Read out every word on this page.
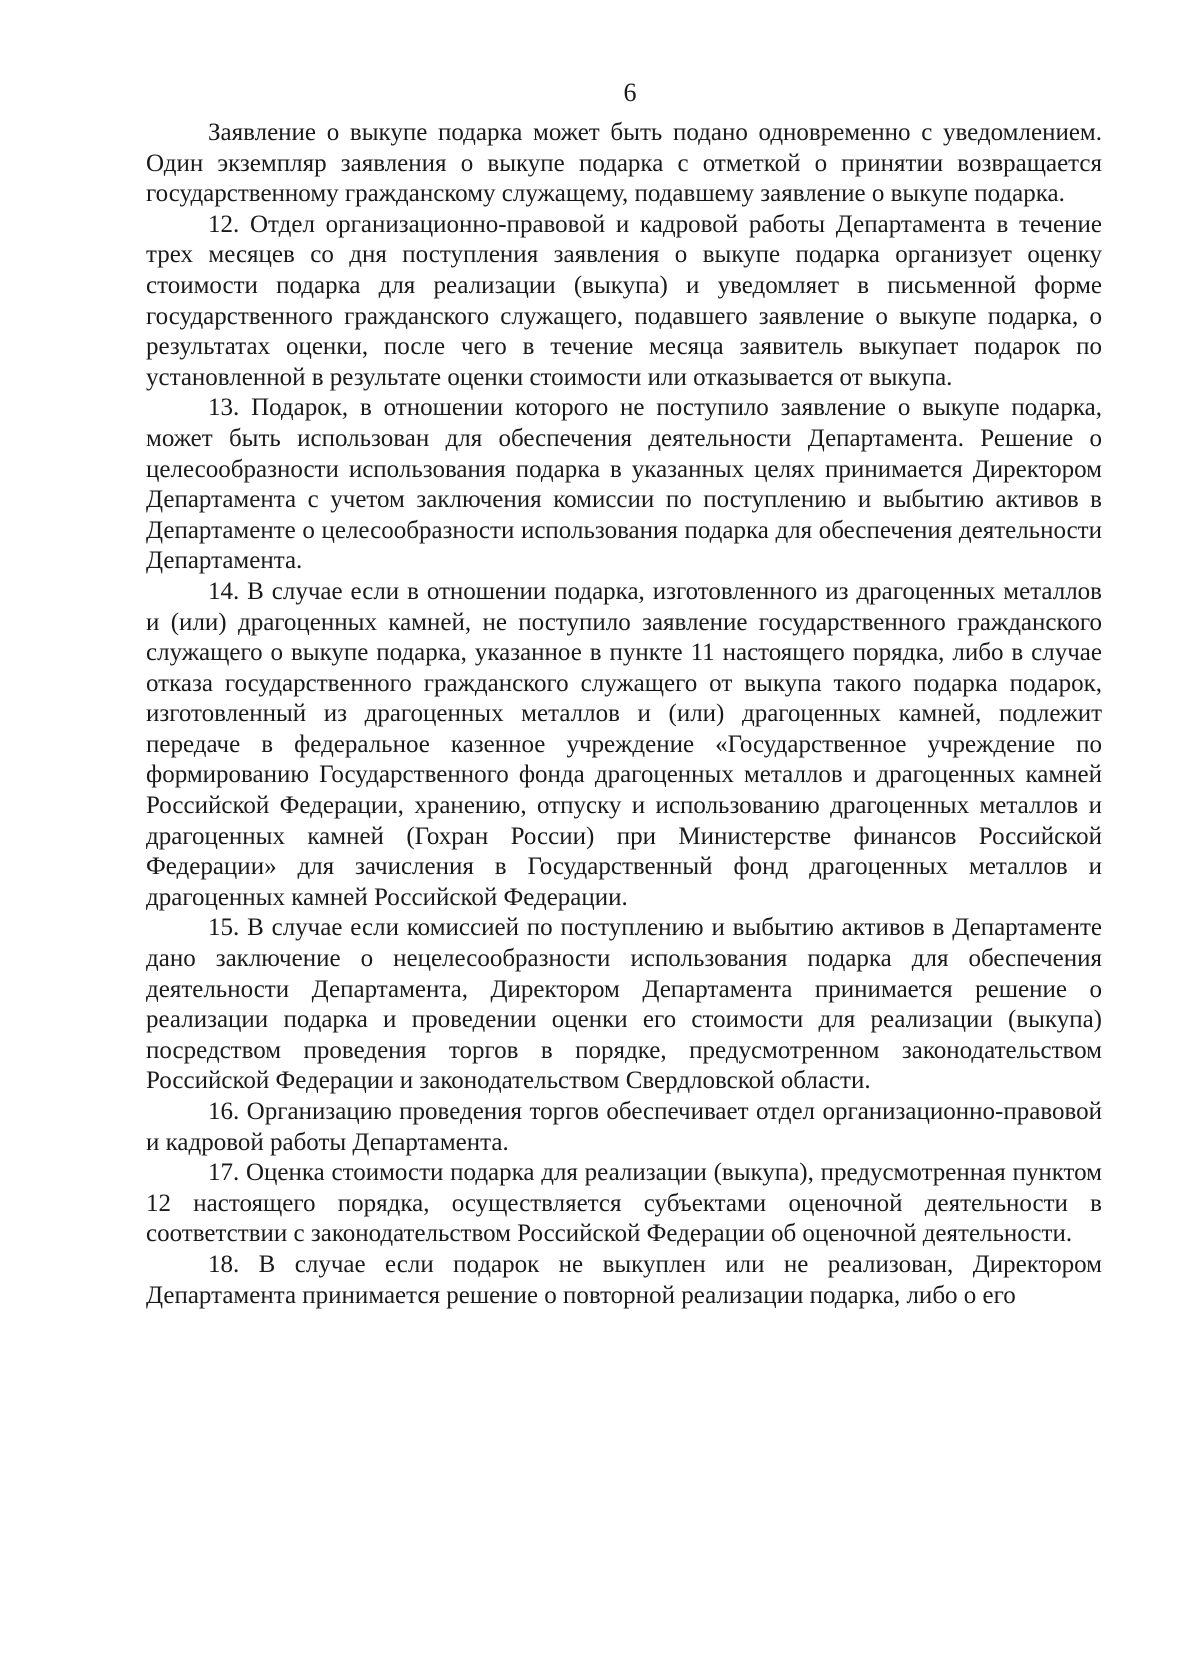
6

Заявление о выкупе подарка может быть подано одновременно с уведомлением. Один экземпляр заявления о выкупе подарка с отметкой о принятии возвращается государственному гражданскому служащему, подавшему заявление о выкупе подарка.

12. Отдел организационно-правовой и кадровой работы Департамента в течение трех месяцев со дня поступления заявления о выкупе подарка организует оценку стоимости подарка для реализации (выкупа) и уведомляет в письменной форме государственного гражданского служащего, подавшего заявление о выкупе подарка, о результатах оценки, после чего в течение месяца заявитель выкупает подарок по установленной в результате оценки стоимости или отказывается от выкупа.

13. Подарок, в отношении которого не поступило заявление о выкупе подарка, может быть использован для обеспечения деятельности Департамента. Решение о целесообразности использования подарка в указанных целях принимается Директором Департамента с учетом заключения комиссии по поступлению и выбытию активов в Департаменте о целесообразности использования подарка для обеспечения деятельности Департамента.

14. В случае если в отношении подарка, изготовленного из драгоценных металлов и (или) драгоценных камней, не поступило заявление государственного гражданского служащего о выкупе подарка, указанное в пункте 11 настоящего порядка, либо в случае отказа государственного гражданского служащего от выкупа такого подарка подарок, изготовленный из драгоценных металлов и (или) драгоценных камней, подлежит передаче в федеральное казенное учреждение «Государственное учреждение по формированию Государственного фонда драгоценных металлов и драгоценных камней Российской Федерации, хранению, отпуску и использованию драгоценных металлов и драгоценных камней (Гохран России) при Министерстве финансов Российской Федерации» для зачисления в Государственный фонд драгоценных металлов и драгоценных камней Российской Федерации.

15. В случае если комиссией по поступлению и выбытию активов в Департаменте дано заключение о нецелесообразности использования подарка для обеспечения деятельности Департамента, Директором Департамента принимается решение о реализации подарка и проведении оценки его стоимости для реализации (выкупа) посредством проведения торгов в порядке, предусмотренном законодательством Российской Федерации и законодательством Свердловской области.

16. Организацию проведения торгов обеспечивает отдел организационно-правовой и кадровой работы Департамента.

17. Оценка стоимости подарка для реализации (выкупа), предусмотренная пунктом 12 настоящего порядка, осуществляется субъектами оценочной деятельности в соответствии с законодательством Российской Федерации об оценочной деятельности.

18. В случае если подарок не выкуплен или не реализован, Директором Департамента принимается решение о повторной реализации подарка, либо о его
